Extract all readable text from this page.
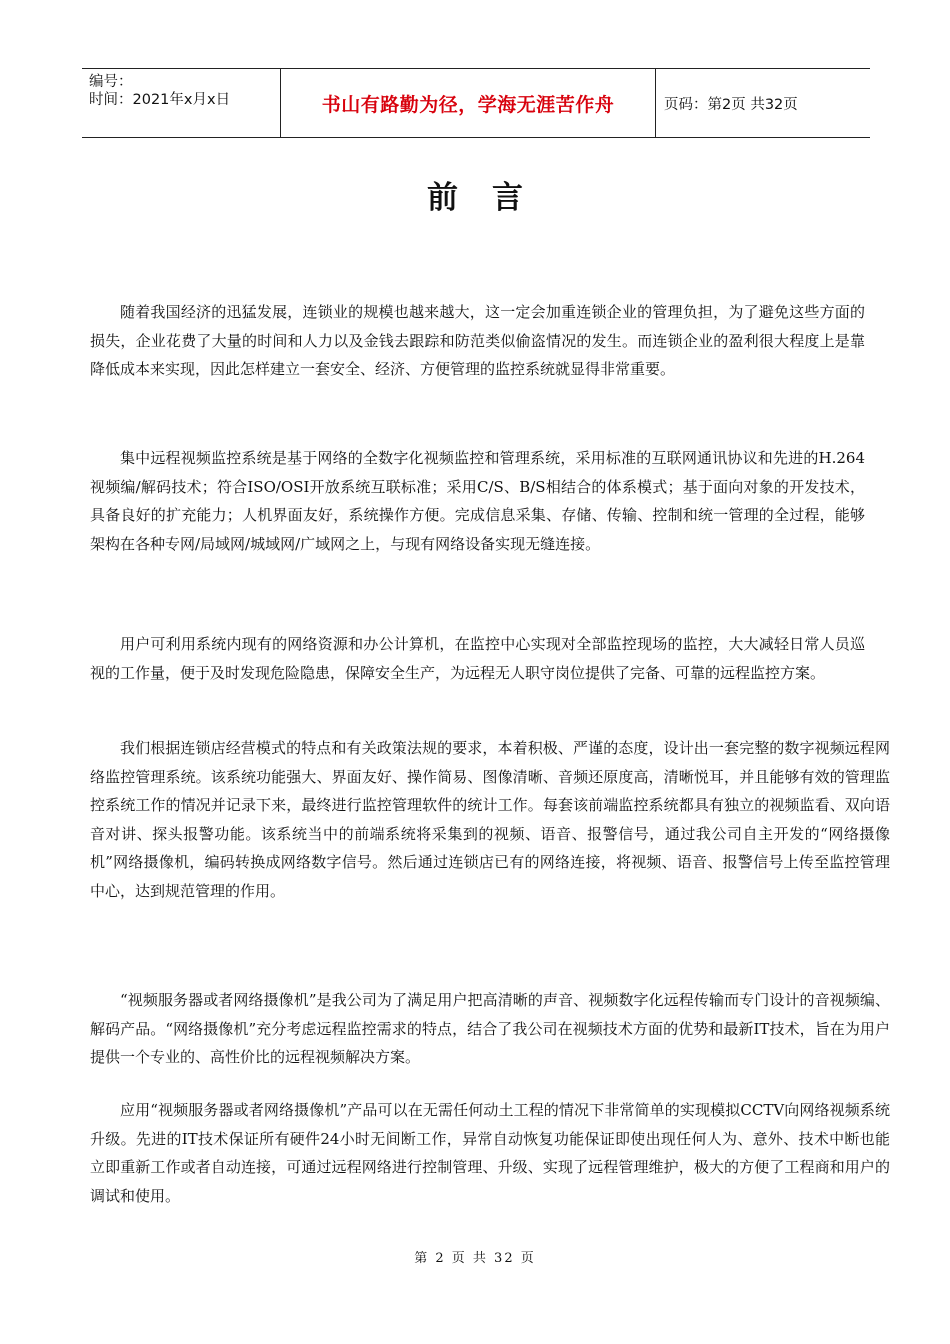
编号：
时间：2021年x月x日	书山有路勤为径，学海无涯苦作舟	页码：第2页 共32页
前言

随着我国经济的迅猛发展，连锁业的规模也越来越大，这一定会加重连锁企业的管理负担，为了避免这些方面的损失，企业花费了大量的时间和人力以及金钱去跟踪和防范类似偷盗情况的发生。而连锁企业的盈利很大程度上是靠降低成本来实现，因此怎样建立一套安全、经济、方便管理的监控系统就显得非常重要。

集中远程视频监控系统是基于网络的全数字化视频监控和管理系统，采用标准的互联网通讯协议和先进的H.264视频编/解码技术；符合ISO/OSI开放系统互联标准；采用C/S、B/S相结合的体系模式；基于面向对象的开发技术，具备良好的扩充能力；人机界面友好，系统操作方便。完成信息采集、存储、传输、控制和统一管理的全过程，能够架构在各种专网/局域网/城域网/广域网之上，与现有网络设备实现无缝连接。

用户可利用系统内现有的网络资源和办公计算机，在监控中心实现对全部监控现场的监控，大大减轻日常人员巡视的工作量，便于及时发现危险隐患，保障安全生产，为远程无人职守岗位提供了完备、可靠的远程监控方案。

我们根据连锁店经营模式的特点和有关政策法规的要求，本着积极、严谨的态度，设计出一套完整的数字视频远程网络监控管理系统。该系统功能强大、界面友好、操作简易、图像清晰、音频还原度高，清晰悦耳，并且能够有效的管理监控系统工作的情况并记录下来，最终进行监控管理软件的统计工作。每套该前端监控系统都具有独立的视频监看、双向语音对讲、探头报警功能。该系统当中的前端系统将采集到的视频、语音、报警信号，通过我公司自主开发的“网络摄像机”网络摄像机，编码转换成网络数字信号。然后通过连锁店已有的网络连接，将视频、语音、报警信号上传至监控管理中心，达到规范管理的作用。

“视频服务器或者网络摄像机”是我公司为了满足用户把高清晰的声音、视频数字化远程传输而专门设计的音视频编、解码产品。“网络摄像机”充分考虑远程监控需求的特点，结合了我公司在视频技术方面的优势和最新IT技术，旨在为用户提供一个专业的、高性价比的远程视频解决方案。

应用“视频服务器或者网络摄像机”产品可以在无需任何动土工程的情况下非常简单的实现模拟CCTV向网络视频系统升级。先进的IT技术保证所有硬件24小时无间断工作，异常自动恢复功能保证即使出现任何人为、意外、技术中断也能立即重新工作或者自动连接，可通过远程网络进行控制管理、升级、实现了远程管理维护，极大的方便了工程商和用户的调试和使用。

第 2 页 共 32 页
